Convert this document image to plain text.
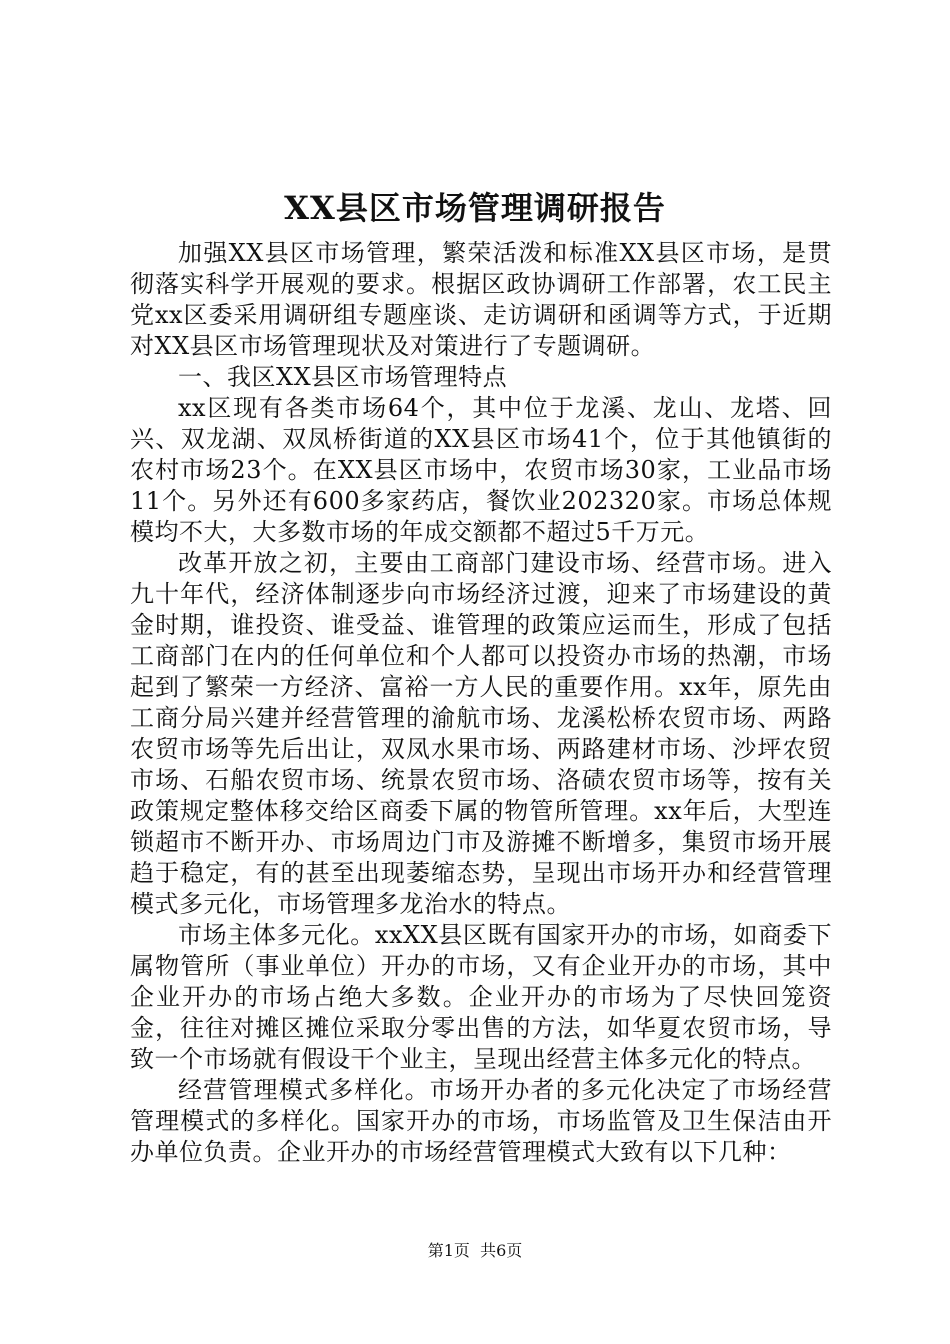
XX县区市场管理调研报告

加强XX县区市场管理，繁荣活泼和标准XX县区市场，是贯彻落实科学开展观的要求。根据区政协调研工作部署，农工民主党xx区委采用调研组专题座谈、走访调研和函调等方式，于近期对XX县区市场管理现状及对策进行了专题调研。

一、我区XX县区市场管理特点

xx区现有各类市场64个，其中位于龙溪、龙山、龙塔、回兴、双龙湖、双凤桥街道的XX县区市场41个，位于其他镇街的农村市场23个。在XX县区市场中，农贸市场30家，工业品市场11个。另外还有600多家药店，餐饮业202320家。市场总体规模均不大，大多数市场的年成交额都不超过5千万元。

改革开放之初，主要由工商部门建设市场、经营市场。进入九十年代，经济体制逐步向市场经济过渡，迎来了市场建设的黄金时期，谁投资、谁受益、谁管理的政策应运而生，形成了包括工商部门在内的任何单位和个人都可以投资办市场的热潮，市场起到了繁荣一方经济、富裕一方人民的重要作用。xx年，原先由工商分局兴建并经营管理的渝航市场、龙溪松桥农贸市场、两路农贸市场等先后出让，双凤水果市场、两路建材市场、沙坪农贸市场、石船农贸市场、统景农贸市场、洛碛农贸市场等，按有关政策规定整体移交给区商委下属的物管所管理。xx年后，大型连锁超市不断开办、市场周边门市及游摊不断增多，集贸市场开展趋于稳定，有的甚至出现萎缩态势，呈现出市场开办和经营管理模式多元化，市场管理多龙治水的特点。

市场主体多元化。xxXX县区既有国家开办的市场，如商委下属物管所（事业单位）开办的市场，又有企业开办的市场，其中企业开办的市场占绝大多数。企业开办的市场为了尽快回笼资金，往往对摊区摊位采取分零出售的方法，如华夏农贸市场，导致一个市场就有假设干个业主，呈现出经营主体多元化的特点。

经营管理模式多样化。市场开办者的多元化决定了市场经营管理模式的多样化。国家开办的市场，市场监管及卫生保洁由开办单位负责。企业开办的市场经营管理模式大致有以下几种：

第1页 共6页
